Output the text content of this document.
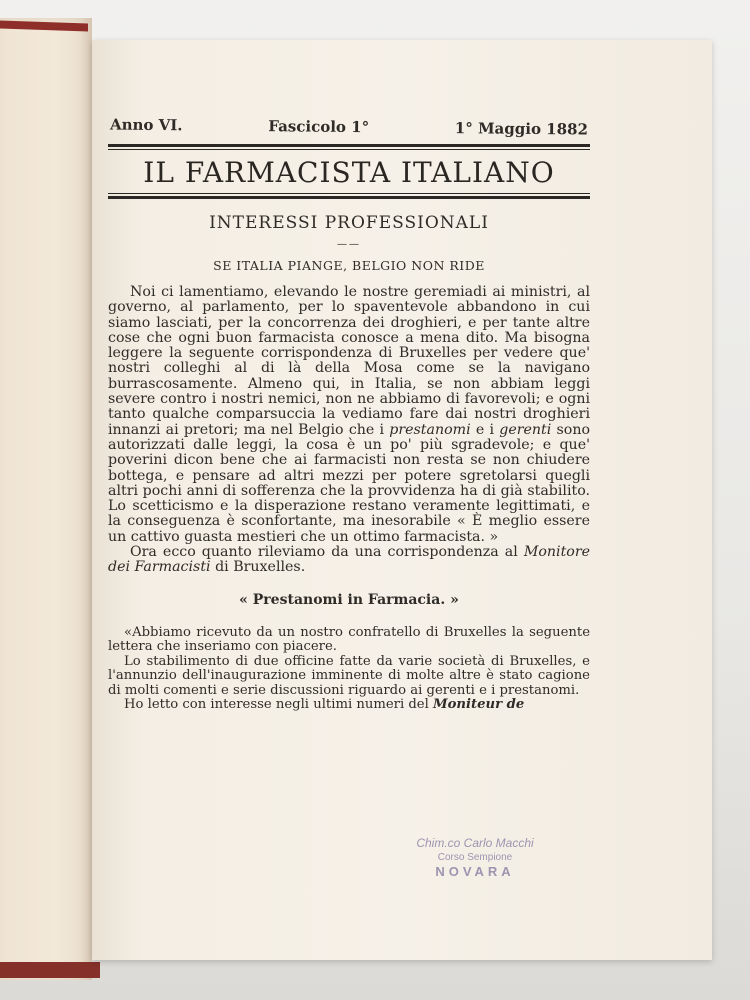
Anno VI.	Fascicolo 1°	1° Maggio 1882
IL FARMACISTA ITALIANO
INTERESSI PROFESSIONALI
——
SE ITALIA PIANGE, BELGIO NON RIDE

Noi ci lamentiamo, elevando le nostre geremiadi ai ministri, al governo, al parlamento, per lo spaventevole abbandono in cui siamo lasciati, per la concorrenza dei droghieri, e per tante altre cose che ogni buon farmacista conosce a mena dito. Ma bisogna leggere la seguente corrispondenza di Bruxelles per vedere que' nostri colleghi al di là della Mosa come se la navigano burrascosamente. Almeno qui, in Italia, se non abbiam leggi severe contro i nostri nemici, non ne abbiamo di favorevoli; e ogni tanto qualche comparsuccia la vediamo fare dai nostri droghieri innanzi ai pretori; ma nel Belgio che i prestanomi e i gerenti sono autorizzati dalle leggi, la cosa è un po' più sgradevole; e que' poverini dicon bene che ai farmacisti non resta se non chiudere bottega, e pensare ad altri mezzi per potere sgretolarsi quegli altri pochi anni di sofferenza che la provvidenza ha di già stabilito. Lo scetticismo e la disperazione restano veramente legittimati, e la conseguenza è sconfortante, ma inesorabile « È meglio essere un cattivo guasta mestieri che un ottimo farmacista. »

Ora ecco quanto rileviamo da una corrispondenza al Monitore dei Farmacisti di Bruxelles.

« Prestanomi in Farmacia. »

«Abbiamo ricevuto da un nostro confratello di Bruxelles la seguente lettera che inseriamo con piacere.

Lo stabilimento di due officine fatte da varie società di Bruxelles, e l'annunzio dell'inaugurazione imminente di molte altre è stato cagione di molti comenti e serie discussioni riguardo ai gerenti e i prestanomi.

Ho letto con interesse negli ultimi numeri del Moniteur de

Chim.co Carlo Macchi
Corso Sempione
NOVARA
